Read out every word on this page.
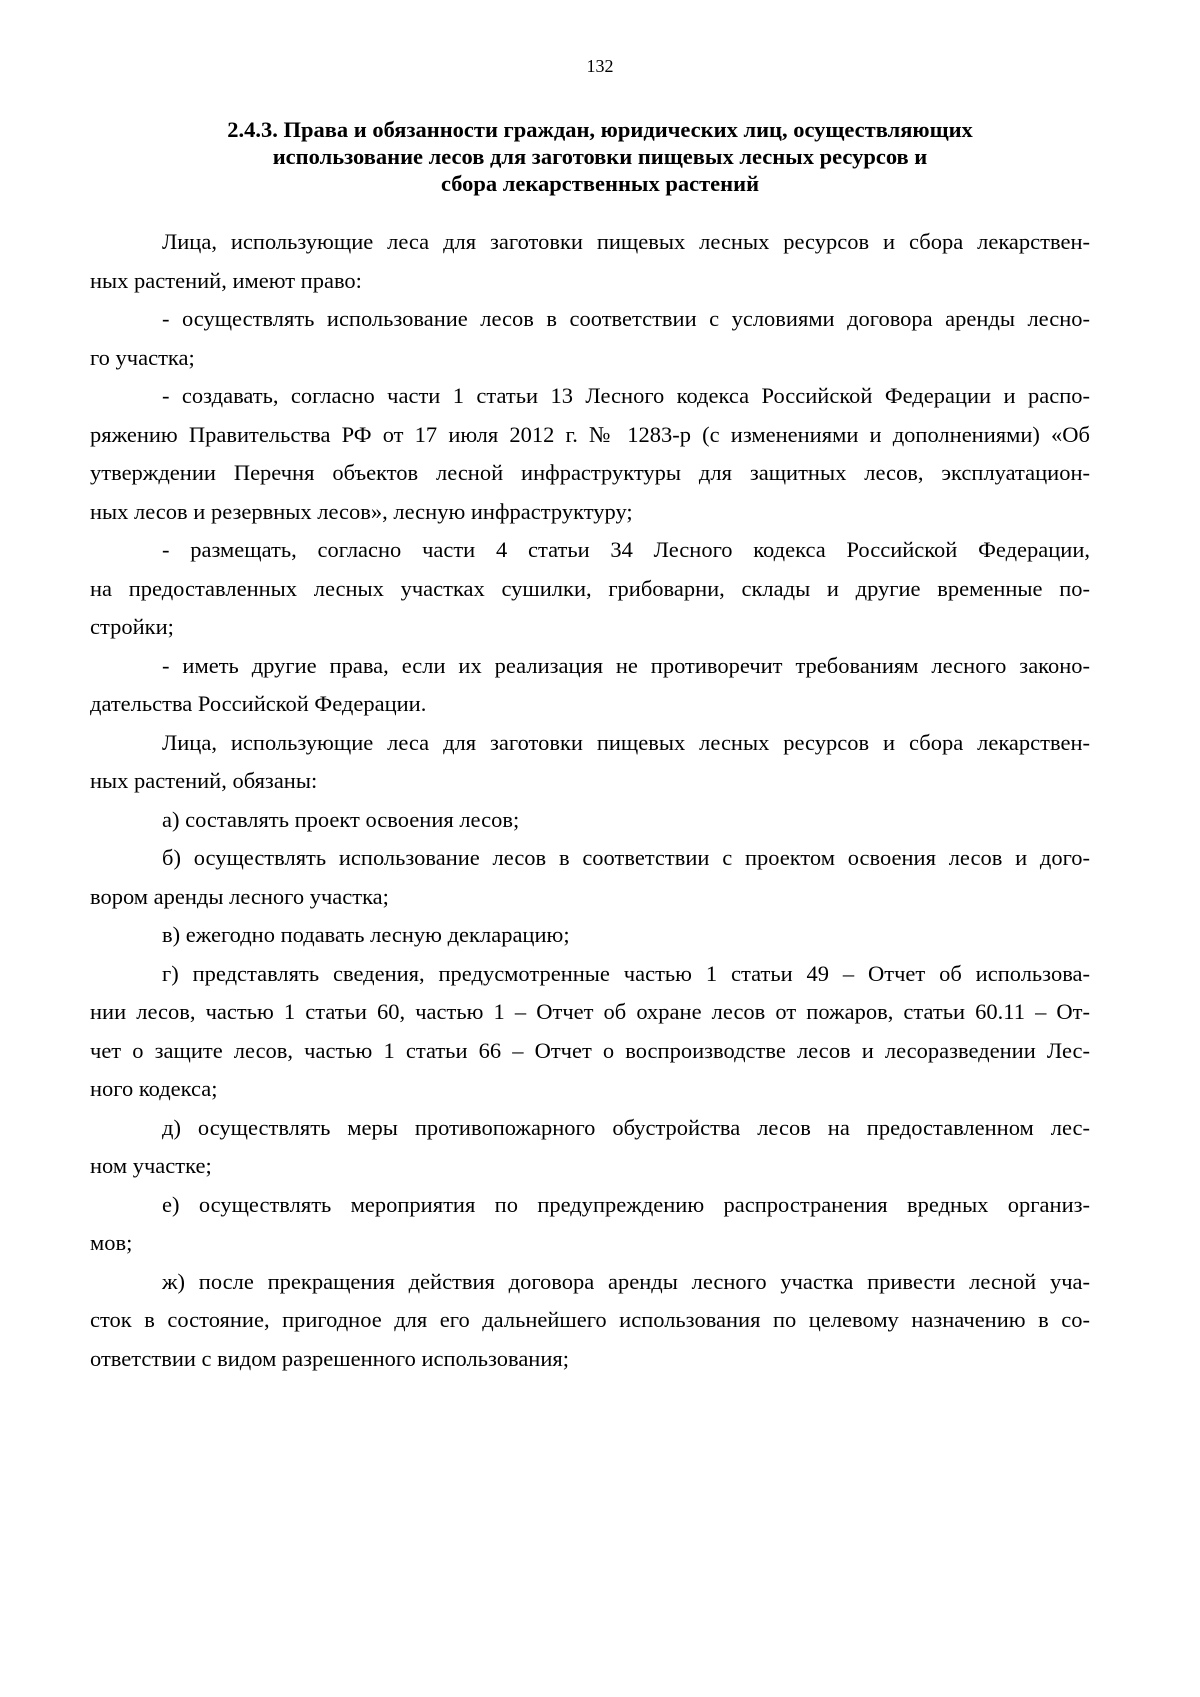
132
2.4.3. Права и обязанности граждан, юридических лиц, осуществляющих
использование лесов для заготовки пищевых лесных ресурсов и
сбора лекарственных растений
Лица, использующие леса для заготовки пищевых лесных ресурсов и сбора лекарствен-
ных растений, имеют право:
- осуществлять использование лесов в соответствии с условиями договора аренды лесно-
го участка;
- создавать, согласно части 1 статьи 13 Лесного кодекса Российской Федерации и распо-
ряжению Правительства РФ от 17 июля 2012 г. № 1283-р (с изменениями и дополнениями) «Об
утверждении Перечня объектов лесной инфраструктуры для защитных лесов, эксплуатацион-
ных лесов и резервных лесов», лесную инфраструктуру;
- размещать, согласно части 4 статьи 34 Лесного кодекса Российской Федерации,
на предоставленных лесных участках сушилки, грибоварни, склады и другие временные по-
стройки;
- иметь другие права, если их реализация не противоречит требованиям лесного законо-
дательства Российской Федерации.
Лица, использующие леса для заготовки пищевых лесных ресурсов и сбора лекарствен-
ных растений, обязаны:
а) составлять проект освоения лесов;
б) осуществлять использование лесов в соответствии с проектом освоения лесов и дого-
вором аренды лесного участка;
в) ежегодно подавать лесную декларацию;
г) представлять сведения, предусмотренные частью 1 статьи 49 – Отчет об использова-
нии лесов, частью 1 статьи 60, частью 1 – Отчет об охране лесов от пожаров, статьи 60.11 – От-
чет о защите лесов, частью 1 статьи 66 – Отчет о воспроизводстве лесов и лесоразведении Лес-
ного кодекса;
д) осуществлять меры противопожарного обустройства лесов на предоставленном лес-
ном участке;
е) осуществлять мероприятия по предупреждению распространения вредных организ-
мов;
ж) после прекращения действия договора аренды лесного участка привести лесной уча-
сток в состояние, пригодное для его дальнейшего использования по целевому назначению в со-
ответствии с видом разрешенного использования;
